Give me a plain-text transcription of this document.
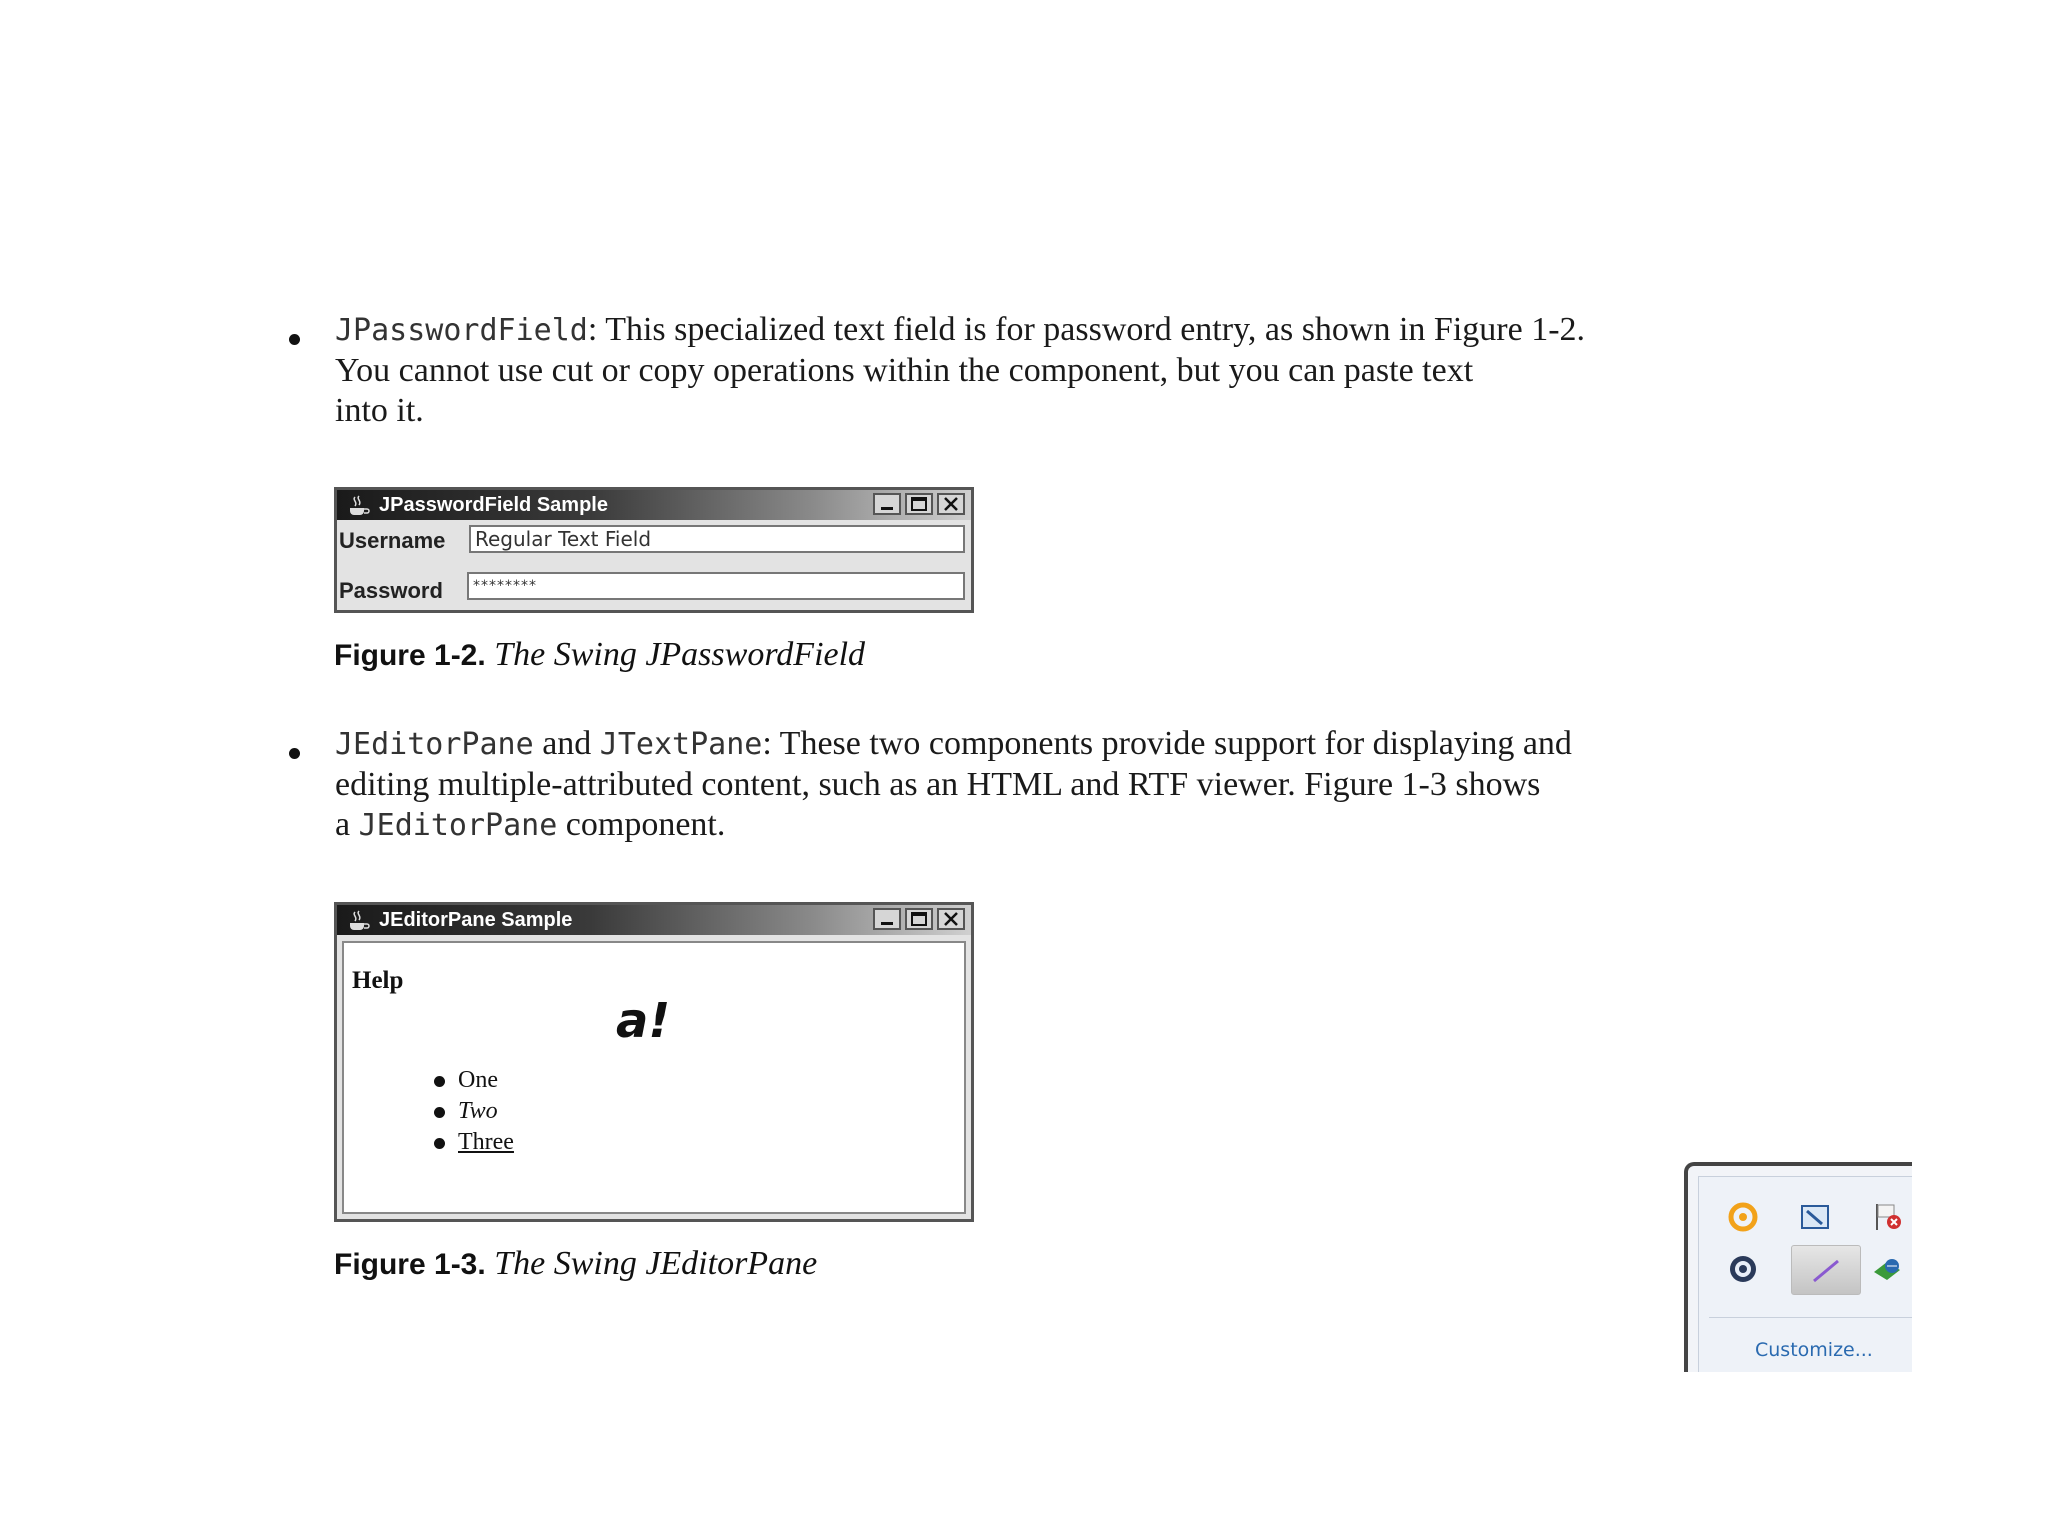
JPasswordField: This specialized text field is for password entry, as shown in Figure 1-2.
You cannot use cut or copy operations within the component, but you can paste text
into it.
JPasswordField Sample
Username	Regular Text Field
Password	********
Figure 1-2. The Swing JPasswordField
JEditorPane and JTextPane: These two components provide support for displaying and
editing multiple-attributed content, such as an HTML and RTF viewer. Figure 1-3 shows
a JEditorPane component.
JEditorPane Sample
Help
a!
One
Two
Three
Figure 1-3. The Swing JEditorPane
Customize...
